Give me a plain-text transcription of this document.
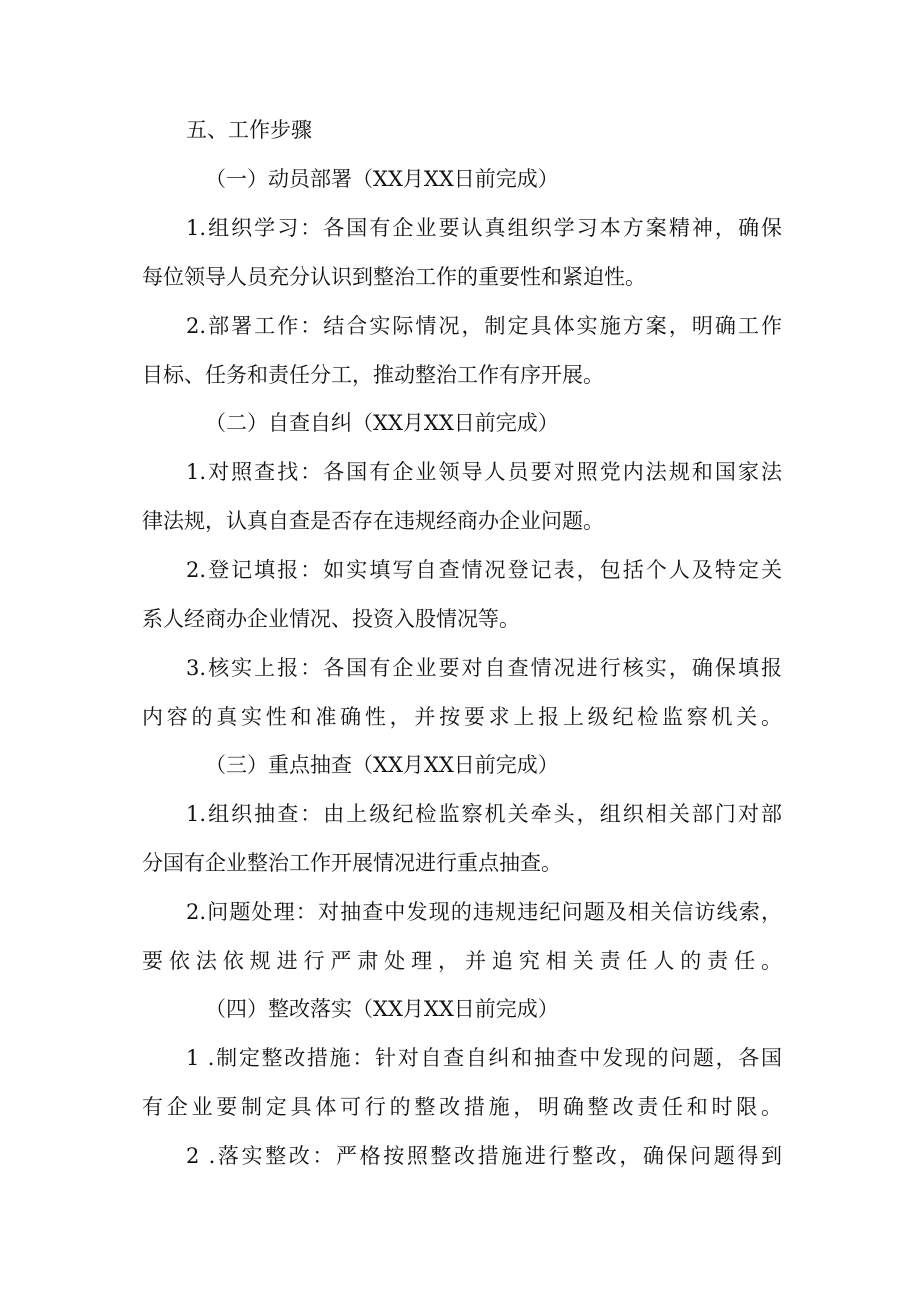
五、工作步骤
（一）动员部署（XX月XX日前完成）
1.组织学习：各国有企业要认真组织学习本方案精神，确保
每位领导人员充分认识到整治工作的重要性和紧迫性。
2.部署工作：结合实际情况，制定具体实施方案，明确工作
目标、任务和责任分工，推动整治工作有序开展。
（二）自查自纠（XX月XX日前完成）
1.对照查找：各国有企业领导人员要对照党内法规和国家法
律法规，认真自查是否存在违规经商办企业问题。
2.登记填报：如实填写自查情况登记表，包括个人及特定关
系人经商办企业情况、投资入股情况等。
3.核实上报：各国有企业要对自查情况进行核实，确保填报
内容的真实性和准确性，并按要求上报上级纪检监察机关。
（三）重点抽查（XX月XX日前完成）
1.组织抽查：由上级纪检监察机关牵头，组织相关部门对部
分国有企业整治工作开展情况进行重点抽查。
2.问题处理：对抽查中发现的违规违纪问题及相关信访线索，
要依法依规进行严肃处理，并追究相关责任人的责任。
（四）整改落实（XX月XX日前完成）
1 .制定整改措施：针对自查自纠和抽查中发现的问题，各国
有企业要制定具体可行的整改措施，明确整改责任和时限。
2 .落实整改：严格按照整改措施进行整改，确保问题得到
